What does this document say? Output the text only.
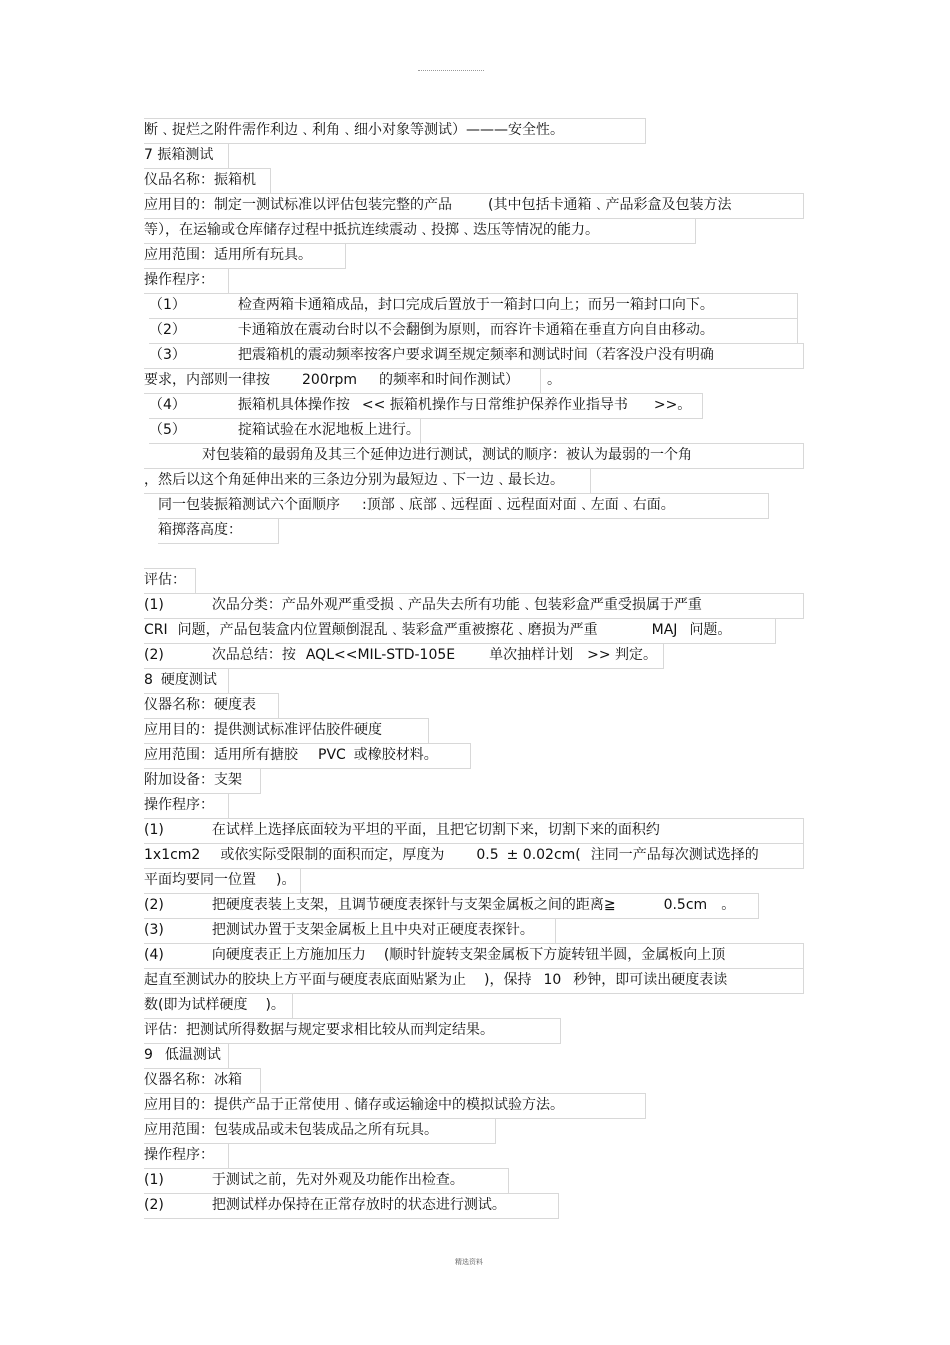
断﹑捉烂之附件需作利边﹑利角﹑细小对象等测试）———安全性。
7 振箱测试
仪品名称：振箱机
应用目的：制定一测试标准以评估包装完整的产品	(其中包括卡通箱﹑产品彩盒及包装方法
等），在运输或仓库储存过程中抵抗连续震动﹑投掷﹑迭压等情况的能力。
应用范围：适用所有玩具。
操作程序：
（1）	检查两箱卡通箱成品，封口完成后置放于一箱封口向上；而另一箱封口向下。
（2）	卡通箱放在震动台时以不会翻倒为原则，而容许卡通箱在垂直方向自由移动。
（3）	把震箱机的震动频率按客户要求调至规定频率和测试时间（若客没户没有明确
要求，内部则一律按 200rpm 的频率和时间作测试） 。
（4）	振箱机具体操作按 << 振箱机操作与日常维护保养作业指导书 >>。
（5）	掟箱试验在水泥地板上进行。
对包装箱的最弱角及其三个延伸边进行测试，测试的顺序：被认为最弱的一个角
，然后以这个角延伸出来的三条边分别为最短边﹑下一边﹑最长边。
同一包装振箱测试六个面顺序 :顶部﹑底部﹑远程面﹑远程面对面﹑左面﹑右面。
箱掷落高度：
评估：
(1)	次品分类：产品外观严重受损﹑产品失去所有功能﹑包装彩盒严重受损属于严重
CRI 问题，产品包装盒内位置颠倒混乱﹑装彩盒严重被擦花﹑磨损为严重	MAJ 问题。
(2)	次品总结：按 AQL<<MIL-STD-105E 单次抽样计划 >> 判定。
8 硬度测试
仪器名称：硬度表
应用目的：提供测试标准评估胶件硬度
应用范围：适用所有搪胶 PVC 或橡胶材料。
附加设备：支架
操作程序：
(1)	在试样上选择底面较为平坦的平面，且把它切割下来，切割下来的面积约
1x1cm2 或依实际受限制的面积而定，厚度为 0.5 ± 0.02cm( 注同一产品每次测试选择的
平面均要同一位置 )。
(2)	把硬度表装上支架，且调节硬度表探针与支架金属板之间的距离≧	0.5cm 。
(3)	把测试办置于支架金属板上且中央对正硬度表探针。
(4)	向硬度表正上方施加压力 (顺时针旋转支架金属板下方旋转钮半圆，金属板向上顶
起直至测试办的胶块上方平面与硬度表底面贴紧为止 )，保持 10 秒钟，即可读出硬度表读
数(即为试样硬度 )。
评估：把测试所得数据与规定要求相比较从而判定结果。
9 低温测试
仪器名称：冰箱
应用目的：提供产品于正常使用﹑储存或运输途中的模拟试验方法。
应用范围：包装成品或未包装成品之所有玩具。
操作程序：
(1)	于测试之前，先对外观及功能作出检查。
(2)	把测试样办保持在正常存放时的状态进行测试。
精选资料
